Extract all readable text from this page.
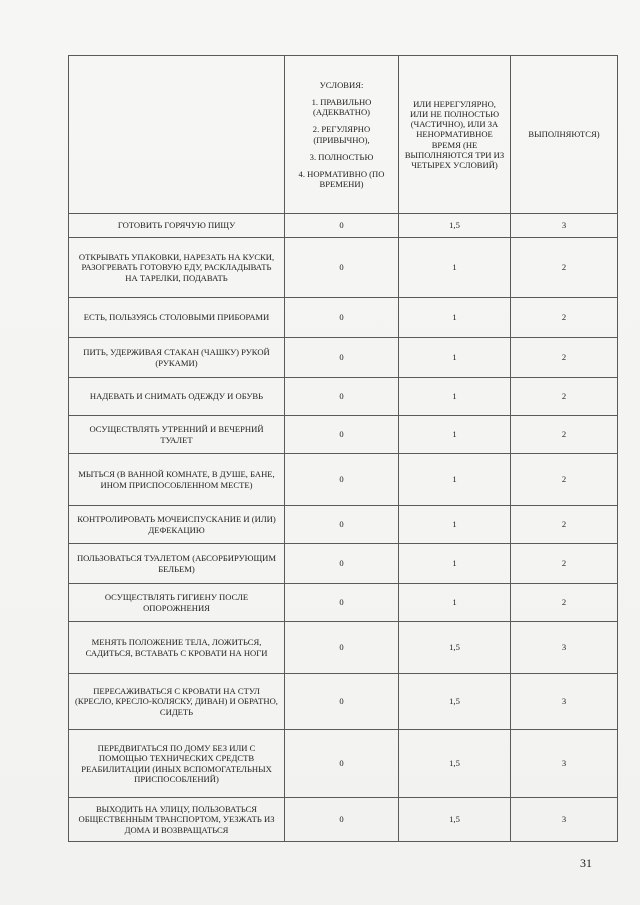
	УСЛОВИЯ:

1. ПРАВИЛЬНО (АДЕКВАТНО)

2. РЕГУЛЯРНО (ПРИВЫЧНО),

3. ПОЛНОСТЬЮ

4. НОРМАТИВНО (ПО ВРЕМЕНИ)	ИЛИ НЕРЕГУЛЯРНО, ИЛИ НЕ ПОЛНОСТЬЮ (ЧАСТИЧНО), ИЛИ ЗА НЕНОРМАТИВНОЕ ВРЕМЯ (НЕ ВЫПОЛНЯЮТСЯ ТРИ ИЗ ЧЕТЫРЕХ УСЛОВИЙ)	ВЫПОЛНЯЮТСЯ)

ГОТОВИТЬ ГОРЯЧУЮ ПИЩУ	0	1,5	3
ОТКРЫВАТЬ УПАКОВКИ, НАРЕЗАТЬ НА КУСКИ, РАЗОГРЕВАТЬ ГОТОВУЮ ЕДУ, РАСКЛАДЫВАТЬ НА ТАРЕЛКИ, ПОДАВАТЬ	0	1	2
ЕСТЬ, ПОЛЬЗУЯСЬ СТОЛОВЫМИ ПРИБОРАМИ	0	1	2
ПИТЬ, УДЕРЖИВАЯ СТАКАН (ЧАШКУ) РУКОЙ (РУКАМИ)	0	1	2
НАДЕВАТЬ И СНИМАТЬ ОДЕЖДУ И ОБУВЬ	0	1	2
ОСУЩЕСТВЛЯТЬ УТРЕННИЙ И ВЕЧЕРНИЙ ТУАЛЕТ	0	1	2
МЫТЬСЯ (В ВАННОЙ КОМНАТЕ, В ДУШЕ, БАНЕ, ИНОМ ПРИСПОСОБЛЕННОМ МЕСТЕ)	0	1	2
КОНТРОЛИРОВАТЬ МОЧЕИСПУСКАНИЕ И (ИЛИ) ДЕФЕКАЦИЮ	0	1	2
ПОЛЬЗОВАТЬСЯ ТУАЛЕТОМ (АБСОРБИРУЮЩИМ БЕЛЬЕМ)	0	1	2
ОСУЩЕСТВЛЯТЬ ГИГИЕНУ ПОСЛЕ ОПОРОЖНЕНИЯ	0	1	2
МЕНЯТЬ ПОЛОЖЕНИЕ ТЕЛА, ЛОЖИТЬСЯ, САДИТЬСЯ, ВСТАВАТЬ С КРОВАТИ НА НОГИ	0	1,5	3
ПЕРЕСАЖИВАТЬСЯ С КРОВАТИ НА СТУЛ (КРЕСЛО, КРЕСЛО-КОЛЯСКУ, ДИВАН) И ОБРАТНО, СИДЕТЬ	0	1,5	3
ПЕРЕДВИГАТЬСЯ ПО ДОМУ БЕЗ ИЛИ С ПОМОЩЬЮ ТЕХНИЧЕСКИХ СРЕДСТВ РЕАБИЛИТАЦИИ (ИНЫХ ВСПОМОГАТЕЛЬНЫХ ПРИСПОСОБЛЕНИЙ)	0	1,5	3
ВЫХОДИТЬ НА УЛИЦУ, ПОЛЬЗОВАТЬСЯ ОБЩЕСТВЕННЫМ ТРАНСПОРТОМ, УЕЗЖАТЬ ИЗ ДОМА И ВОЗВРАЩАТЬСЯ	0	1,5	3
31
